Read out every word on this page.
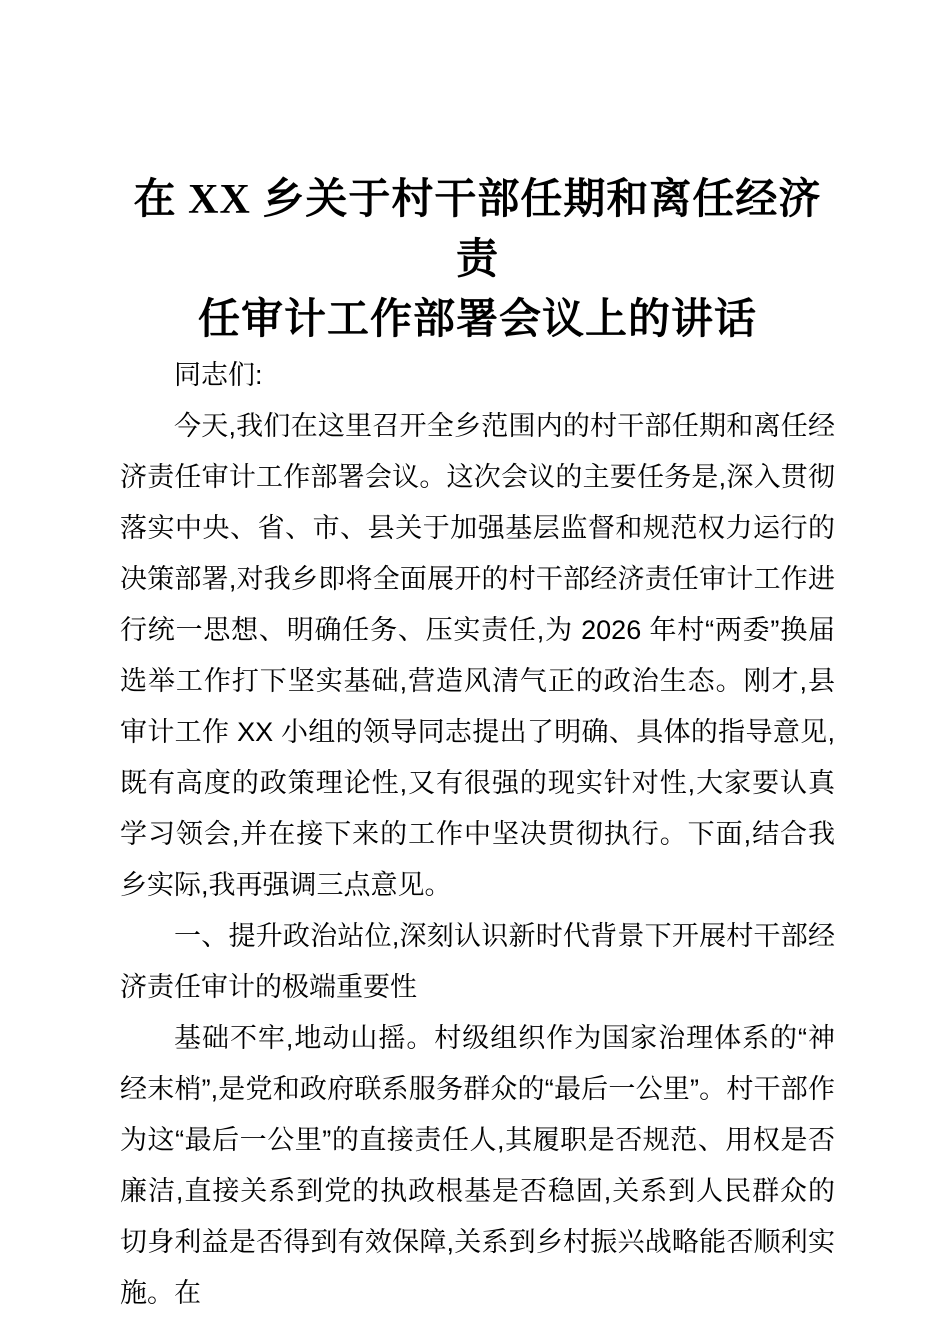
在 XX 乡关于村干部任期和离任经济责
任审计工作部署会议上的讲话

同志们:

今天,我们在这里召开全乡范围内的村干部任期和离任经济责任审计工作部署会议。这次会议的主要任务是,深入贯彻落实中央、省、市、县关于加强基层监督和规范权力运行的决策部署,对我乡即将全面展开的村干部经济责任审计工作进行统一思想、明确任务、压实责任,为 2026 年村“两委”换届选举工作打下坚实基础,营造风清气正的政治生态。刚才,县审计工作 XX 小组的领导同志提出了明确、具体的指导意见,既有高度的政策理论性,又有很强的现实针对性,大家要认真学习领会,并在接下来的工作中坚决贯彻执行。下面,结合我乡实际,我再强调三点意见。

一、提升政治站位,深刻认识新时代背景下开展村干部经济责任审计的极端重要性

基础不牢,地动山摇。村级组织作为国家治理体系的“神经末梢”,是党和政府联系服务群众的“最后一公里”。村干部作为这“最后一公里”的直接责任人,其履职是否规范、用权是否廉洁,直接关系到党的执政根基是否稳固,关系到人民群众的切身利益是否得到有效保障,关系到乡村振兴战略能否顺利实施。在
